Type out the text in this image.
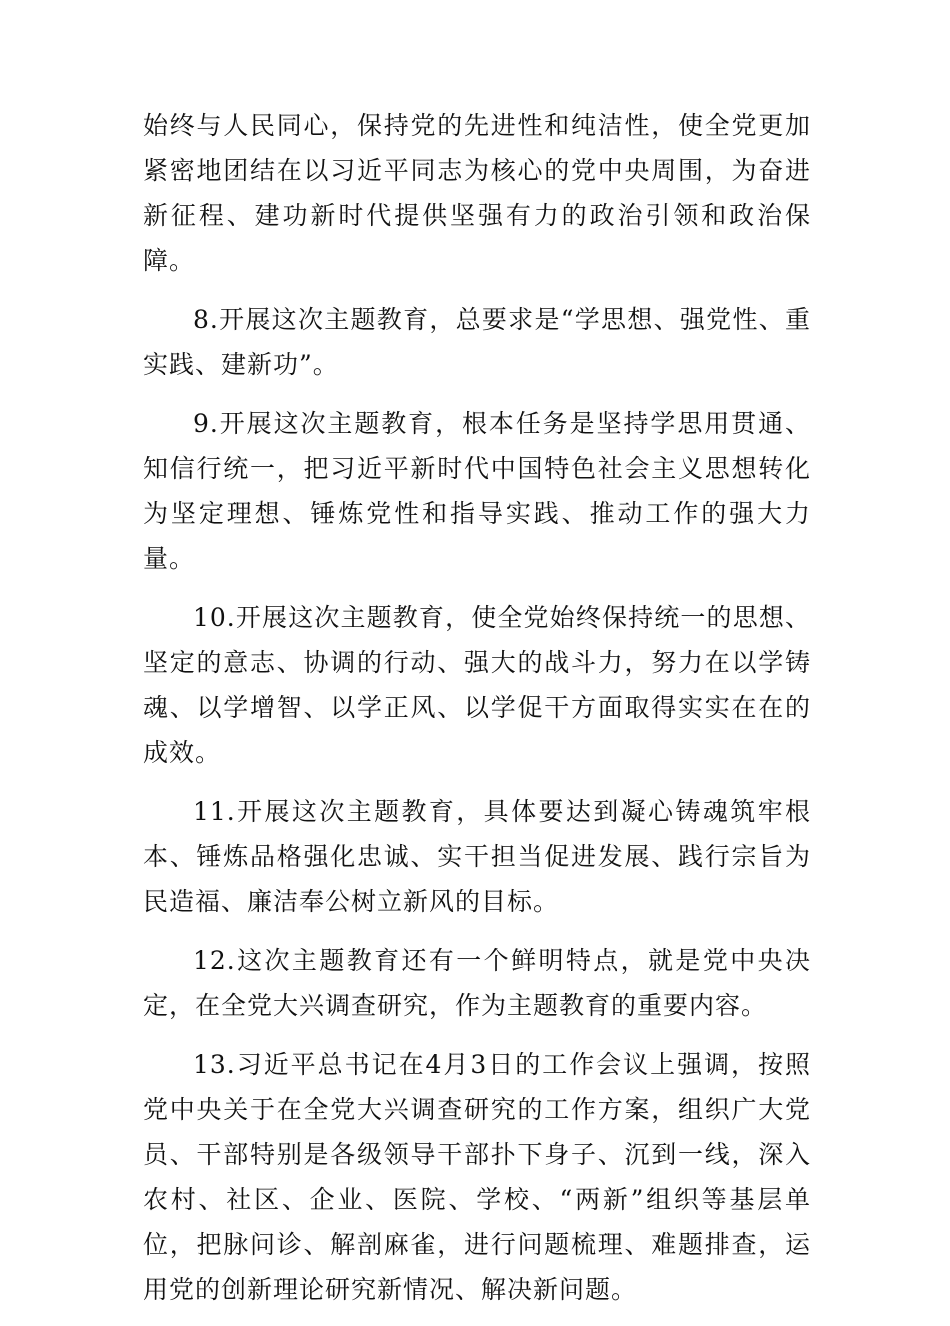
始终与人民同心，保持党的先进性和纯洁性，使全党更加紧密地团结在以习近平同志为核心的党中央周围，为奋进新征程、建功新时代提供坚强有力的政治引领和政治保障。

8.开展这次主题教育，总要求是“学思想、强党性、重实践、建新功”。

9.开展这次主题教育，根本任务是坚持学思用贯通、知信行统一，把习近平新时代中国特色社会主义思想转化为坚定理想、锤炼党性和指导实践、推动工作的强大力量。

10.开展这次主题教育，使全党始终保持统一的思想、坚定的意志、协调的行动、强大的战斗力，努力在以学铸魂、以学增智、以学正风、以学促干方面取得实实在在的成效。

11.开展这次主题教育，具体要达到凝心铸魂筑牢根本、锤炼品格强化忠诚、实干担当促进发展、践行宗旨为民造福、廉洁奉公树立新风的目标。

12.这次主题教育还有一个鲜明特点，就是党中央决定，在全党大兴调查研究，作为主题教育的重要内容。

13.习近平总书记在4月3日的工作会议上强调，按照党中央关于在全党大兴调查研究的工作方案，组织广大党员、干部特别是各级领导干部扑下身子、沉到一线，深入农村、社区、企业、医院、学校、“两新”组织等基层单位，把脉问诊、解剖麻雀，进行问题梳理、难题排查，运用党的创新理论研究新情况、解决新问题。
